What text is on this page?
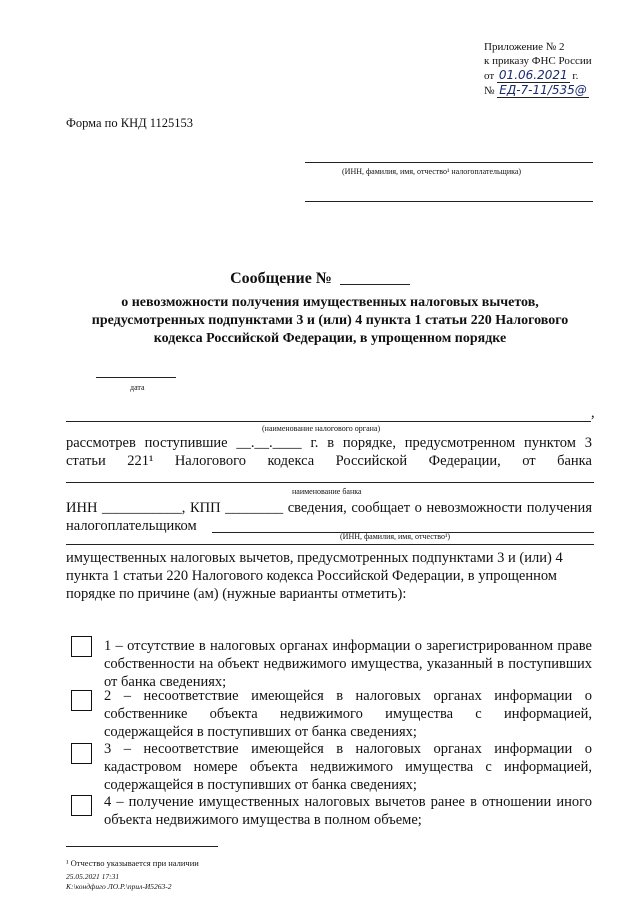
Приложение № 2
к приказу ФНС России
от 01.06.2021 г.
№ ЕД-7-11/535@
Форма по КНД 1125153
(ИНН, фамилия, имя, отчество¹ налогоплательщика)
Сообщение №
о невозможности получения имущественных налоговых вычетов,
предусмотренных подпунктами 3 и (или) 4 пункта 1 статьи 220 Налогового
кодекса Российской Федерации, в упрощенном порядке
дата
,
(наименование налогового органа)
рассмотрев поступившие __.__.____ г. в порядке, предусмотренном пунктом 3
статьи 221¹ Налогового кодекса Российской Федерации, от банка
наименование банка
ИНН ___________, КПП ________ сведения, сообщает о невозможности получения
налогоплательщиком
(ИНН, фамилия, имя, отчество¹)
имущественных налоговых вычетов, предусмотренных подпунктами 3 и (или) 4
пункта 1 статьи 220 Налогового кодекса Российской Федерации, в упрощенном
порядке по причине (ам) (нужные варианты отметить):
1 – отсутствие в налоговых органах информации о зарегистрированном праве
собственности на объект недвижимого имущества, указанный в поступивших
от банка сведениях;
2 – несоответствие имеющейся в налоговых органах информации о
собственнике объекта недвижимого имущества с информацией,
содержащейся в поступивших от банка сведениях;
3 – несоответствие имеющейся в налоговых органах информации о
кадастровом номере объекта недвижимого имущества с информацией,
содержащейся в поступивших от банка сведениях;
4 – получение имущественных налоговых вычетов ранее в отношении иного
объекта недвижимого имущества в полном объеме;
¹ Отчество указывается при наличии
25.05.2021 17:31
К:\кондфиго ЛО.Р.\прил-И5263-2
